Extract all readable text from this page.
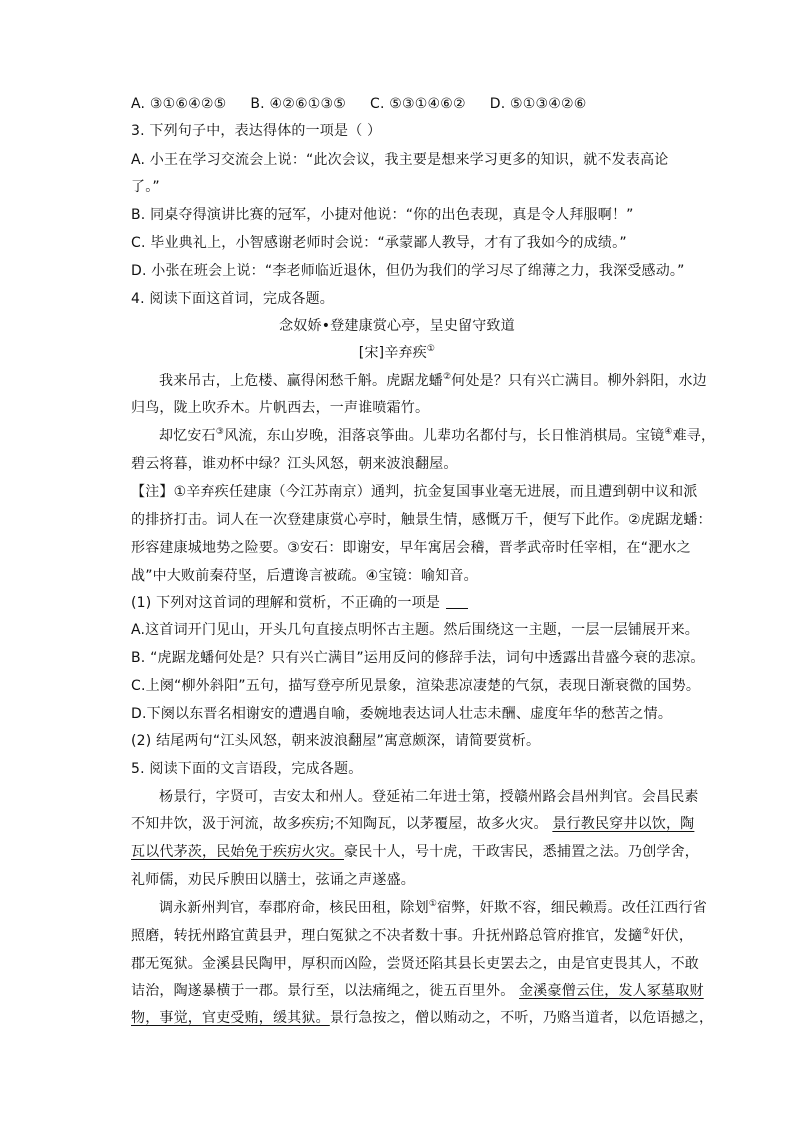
A. ③①⑥④②⑤ B. ④②⑥①③⑤ C. ⑤③①④⑥② D. ⑤①③④②⑥
3. 下列句子中，表达得体的一项是（ ）
A. 小王在学习交流会上说：“此次会议，我主要是想来学习更多的知识，就不发表高论
了。”
B. 同桌夺得演讲比赛的冠军，小捷对他说：“你的出色表现，真是令人拜服啊！”
C. 毕业典礼上，小智感谢老师时会说：“承蒙鄙人教导，才有了我如今的成绩。”
D. 小张在班会上说：“李老师临近退休，但仍为我们的学习尽了绵薄之力，我深受感动。”
4. 阅读下面这首词，完成各题。
念奴娇•登建康赏心亭，呈史留守致道
[宋]辛弃疾①
我来吊古，上危楼、赢得闲愁千斛。虎踞龙蟠②何处是？只有兴亡满目。柳外斜阳，水边
归鸟，陇上吹乔木。片帆西去，一声谁喷霜竹。
却忆安石③风流，东山岁晚，泪落哀筝曲。儿辈功名都付与，长日惟消棋局。宝镜④难寻，
碧云将暮，谁劝杯中绿？江头风怒，朝来波浪翻屋。
【注】①辛弃疾任建康（今江苏南京）通判，抗金复国事业毫无进展，而且遭到朝中议和派
的排挤打击。词人在一次登建康赏心亭时，触景生情，感慨万千，便写下此作。②虎踞龙蟠：
形容建康城地势之险要。③安石：即谢安，早年寓居会稽，晋孝武帝时任宰相，在“淝水之
战”中大败前秦苻坚，后遭谗言被疏。④宝镜：喻知音。
(1) 下列对这首词的理解和赏析，不正确的一项是
A.这首词开门见山，开头几句直接点明怀古主题。然后围绕这一主题，一层一层铺展开来。
B. “虎踞龙蟠何处是？只有兴亡满目”运用反问的修辞手法，词句中透露出昔盛今衰的悲凉。
C.上阕“柳外斜阳”五句，描写登亭所见景象，渲染悲凉凄楚的气氛，表现日渐衰微的国势。
D.下阕以东晋名相谢安的遭遇自喻，委婉地表达词人壮志未酬、虚度年华的愁苦之情。
(2) 结尾两句“江头风怒，朝来波浪翻屋”寓意颇深，请简要赏析。
5. 阅读下面的文言语段，完成各题。
杨景行，字贤可，吉安太和州人。登延祐二年进士第，授赣州路会昌州判官。会昌民素
不知井饮，汲于河流，故多疾疠;不知陶瓦，以茅覆屋，故多火灾。 景行教民穿井以饮，陶
瓦以代茅茨，民始免于疾疠火灾。豪民十人，号十虎，干政害民，悉捕置之法。乃创学舍，
礼师儒，劝民斥腴田以膳士，弦诵之声遂盛。
调永新州判官，奉郡府命，核民田租，除划①宿弊，奸欺不容，细民赖焉。改任江西行省
照磨，转抚州路宜黄县尹，理白冤狱之不决者数十事。升抚州路总管府推官，发擿②奸伏，
郡无冤狱。金溪县民陶甲，厚积而凶险，尝贤还陷其县长吏罢去之，由是官吏畏其人，不敢
诘治，陶遂暴横于一郡。景行至，以法痛绳之，徙五百里外。 金溪豪僧云住，发人冢墓取财
物，事觉，官吏受贿，缓其狱。景行急按之，僧以贿动之，不听，乃赂当道者，以危语撼之，
